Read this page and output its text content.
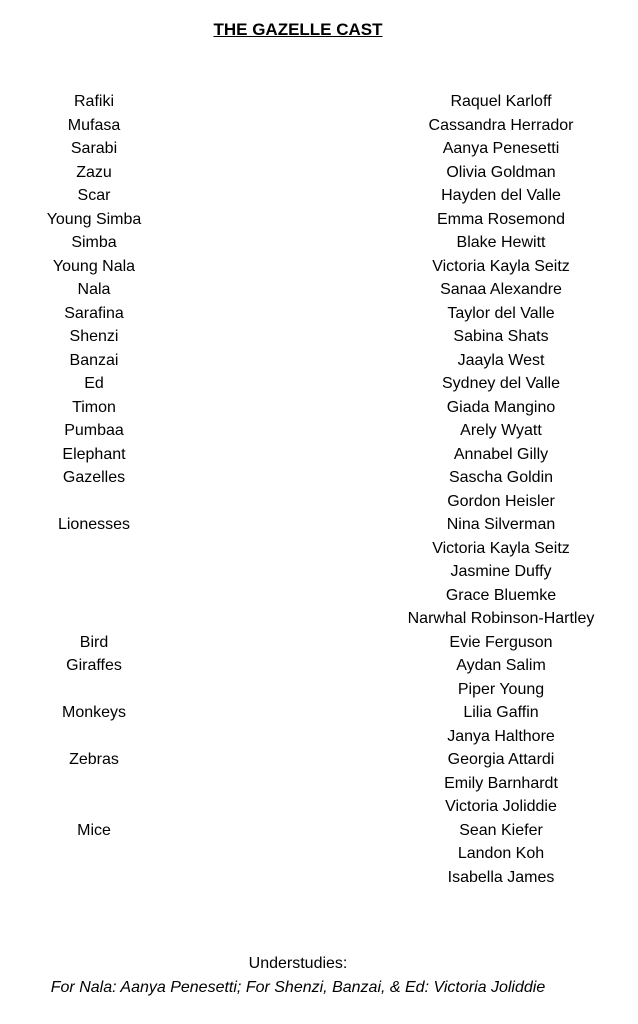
THE GAZELLE CAST
Rafiki
Mufasa
Sarabi
Zazu
Scar
Young Simba
Simba
Young Nala
Nala
Sarafina
Shenzi
Banzai
Ed
Timon
Pumbaa
Elephant
Gazelles
Lionesses
Bird
Giraffes
Monkeys
Zebras
Mice
Raquel Karloff
Cassandra Herrador
Aanya Penesetti
Olivia Goldman
Hayden del Valle
Emma Rosemond
Blake Hewitt
Victoria Kayla Seitz
Sanaa Alexandre
Taylor del Valle
Sabina Shats
Jaayla West
Sydney del Valle
Giada Mangino
Arely Wyatt
Annabel Gilly
Sascha Goldin
Gordon Heisler
Nina Silverman
Victoria Kayla Seitz
Jasmine Duffy
Grace Bluemke
Narwhal Robinson-Hartley
Evie Ferguson
Aydan Salim
Piper Young
Lilia Gaffin
Janya Halthore
Georgia Attardi
Emily Barnhardt
Victoria Joliddie
Sean Kiefer
Landon Koh
Isabella James
Understudies:
For Nala: Aanya Penesetti; For Shenzi, Banzai, & Ed: Victoria Joliddie
